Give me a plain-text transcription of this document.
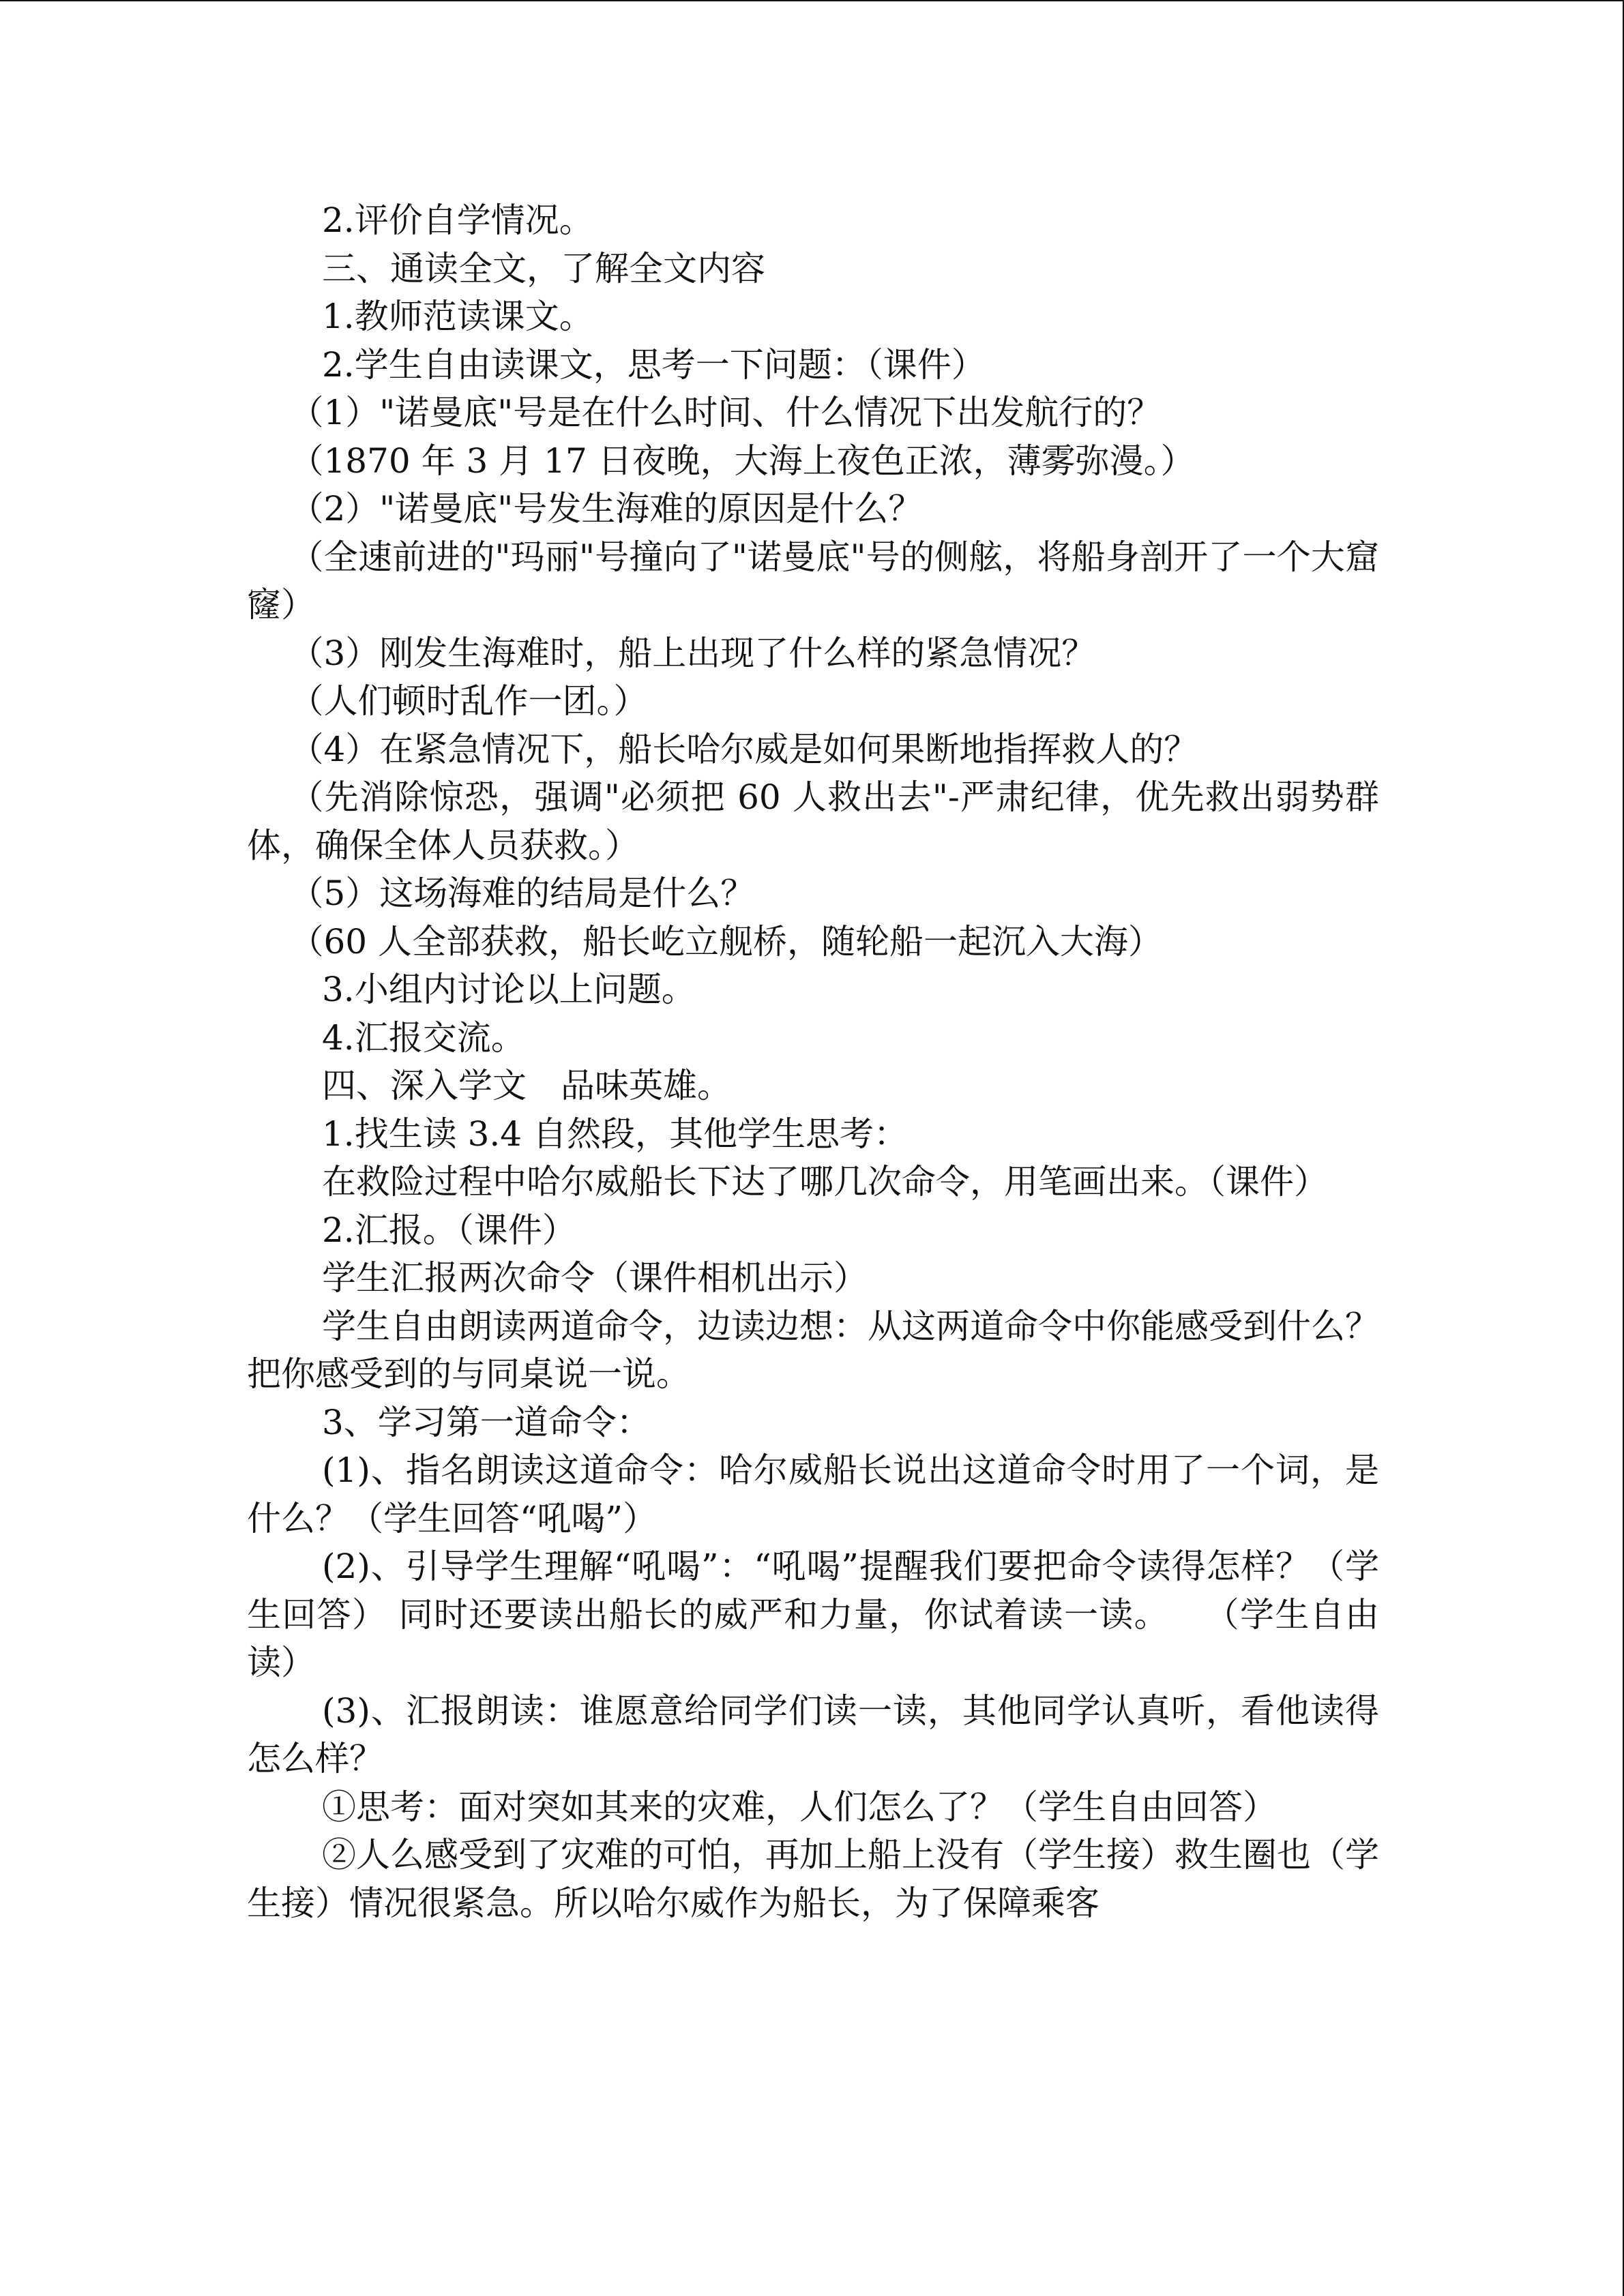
2.评价自学情况。

三、通读全文，了解全文内容

1.教师范读课文。

2.学生自由读课文，思考一下问题：（课件）

（1）"诺曼底"号是在什么时间、什么情况下出发航行的？

（1870 年 3 月 17 日夜晚，大海上夜色正浓，薄雾弥漫。）

（2）"诺曼底"号发生海难的原因是什么？

（全速前进的"玛丽"号撞向了"诺曼底"号的侧舷，将船身剖开了一个大窟窿）

（3）刚发生海难时，船上出现了什么样的紧急情况？

（人们顿时乱作一团。）

（4）在紧急情况下，船长哈尔威是如何果断地指挥救人的？

（先消除惊恐，强调"必须把 60 人救出去"-严肃纪律，优先救出弱势群体，确保全体人员获救。）

（5）这场海难的结局是什么？

（60 人全部获救，船长屹立舰桥，随轮船一起沉入大海）

3.小组内讨论以上问题。

4.汇报交流。

四、深入学文　品味英雄。

1.找生读 3.4 自然段，其他学生思考：

在救险过程中哈尔威船长下达了哪几次命令，用笔画出来。（课件）

2.汇报。（课件）

学生汇报两次命令（课件相机出示）

学生自由朗读两道命令，边读边想：从这两道命令中你能感受到什么？把你感受到的与同桌说一说。

3、学习第一道命令：

(1)、指名朗读这道命令：哈尔威船长说出这道命令时用了一个词，是什么？（学生回答“吼喝”）

(2)、引导学生理解“吼喝”：“吼喝”提醒我们要把命令读得怎样？（学生回答） 同时还要读出船长的威严和力量，你试着读一读。　　（学生自由读）

(3)、汇报朗读：谁愿意给同学们读一读，其他同学认真听，看他读得怎么样？

①思考：面对突如其来的灾难，人们怎么了？（学生自由回答）

②人么感受到了灾难的可怕，再加上船上没有（学生接）救生圈也（学生接）情况很紧急。所以哈尔威作为船长，为了保障乘客
